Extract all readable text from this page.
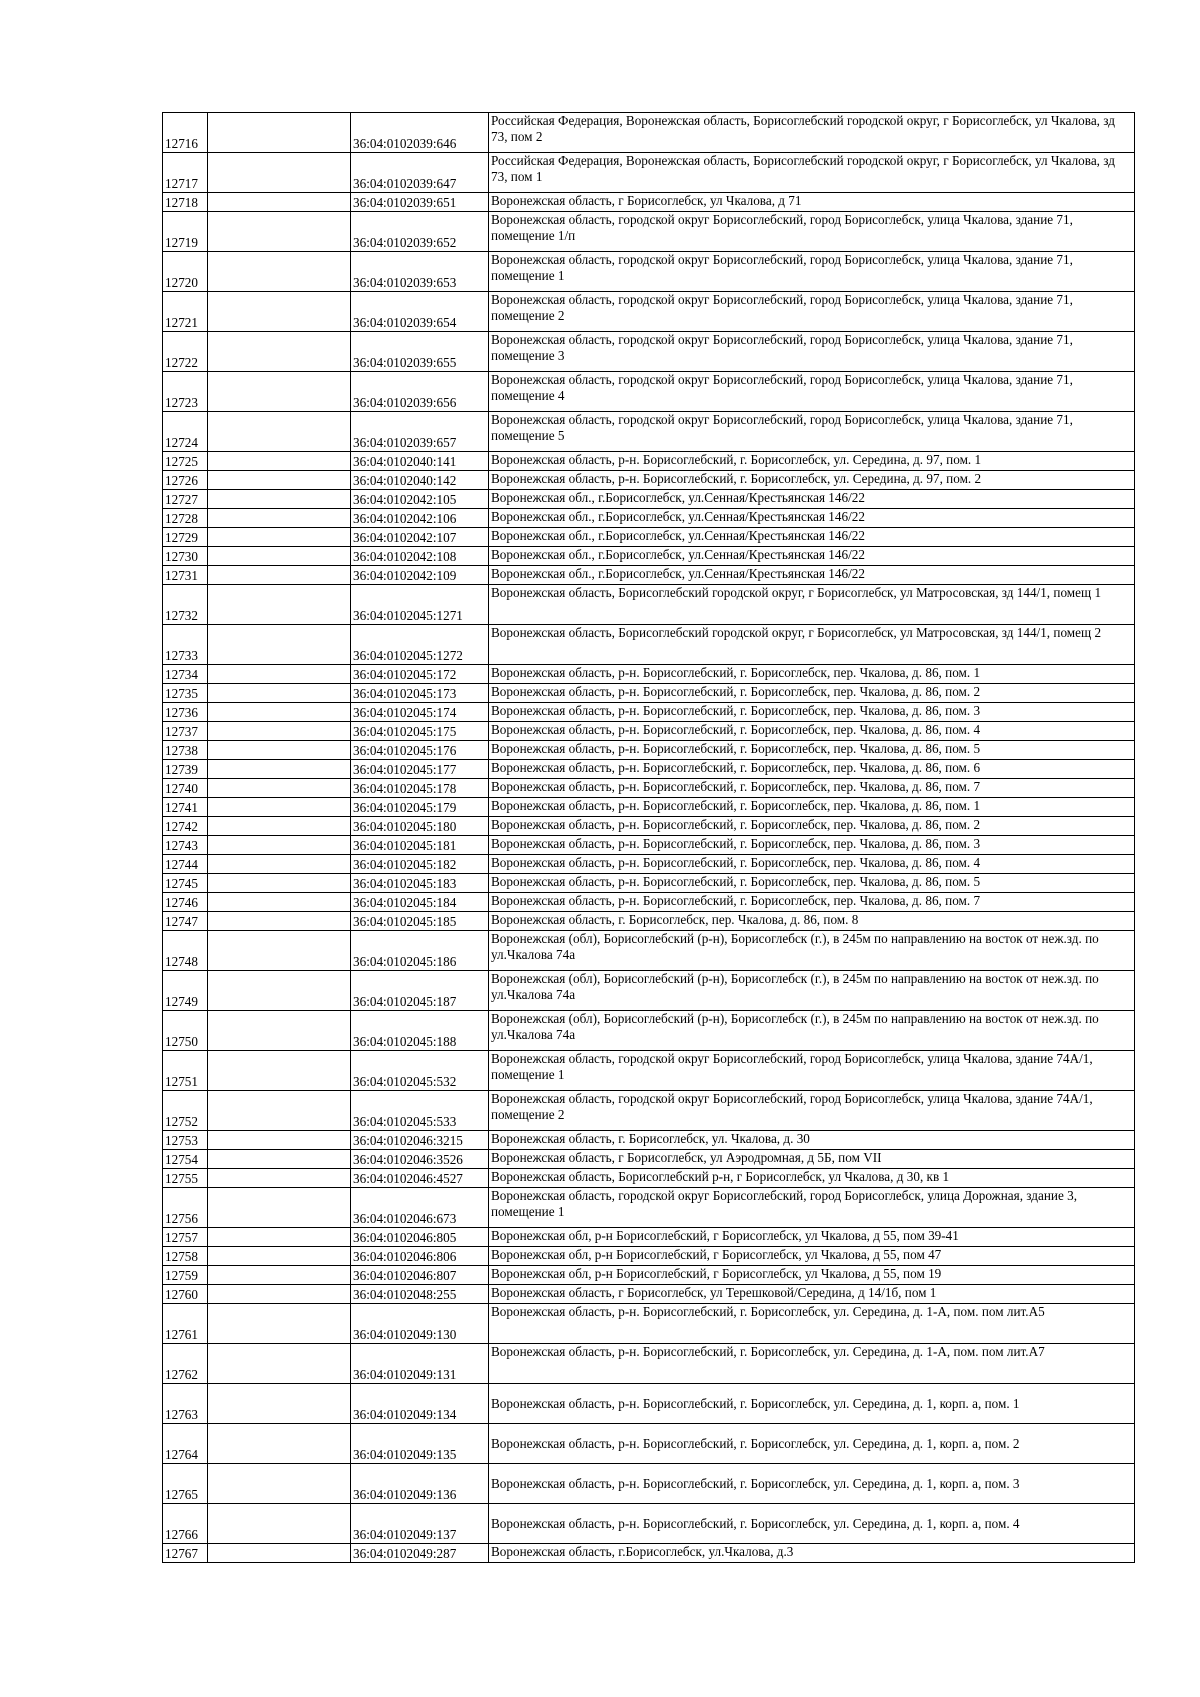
12716		36:04:0102039:646	Российская Федерация, Воронежская область, Борисоглебский городской округ, г Борисоглебск, ул Чкалова, зд 73, пом 2
12717		36:04:0102039:647	Российская Федерация, Воронежская область, Борисоглебский городской округ, г Борисоглебск, ул Чкалова, зд 73, пом 1
12718		36:04:0102039:651	Воронежская область, г Борисоглебск, ул Чкалова, д 71
12719		36:04:0102039:652	Воронежская область, городской округ Борисоглебский, город Борисоглебск, улица Чкалова, здание 71, помещение 1/п
12720		36:04:0102039:653	Воронежская область, городской округ Борисоглебский, город Борисоглебск, улица Чкалова, здание 71, помещение 1
12721		36:04:0102039:654	Воронежская область, городской округ Борисоглебский, город Борисоглебск, улица Чкалова, здание 71, помещение 2
12722		36:04:0102039:655	Воронежская область, городской округ Борисоглебский, город Борисоглебск, улица Чкалова, здание 71, помещение 3
12723		36:04:0102039:656	Воронежская область, городской округ Борисоглебский, город Борисоглебск, улица Чкалова, здание 71, помещение 4
12724		36:04:0102039:657	Воронежская область, городской округ Борисоглебский, город Борисоглебск, улица Чкалова, здание 71, помещение 5
12725		36:04:0102040:141	Воронежская область, р-н. Борисоглебский, г. Борисоглебск, ул. Середина, д. 97, пом. 1
12726		36:04:0102040:142	Воронежская область, р-н. Борисоглебский, г. Борисоглебск, ул. Середина, д. 97, пом. 2
12727		36:04:0102042:105	Воронежская обл., г.Борисоглебск, ул.Сенная/Крестьянская 146/22
12728		36:04:0102042:106	Воронежская обл., г.Борисоглебск, ул.Сенная/Крестьянская 146/22
12729		36:04:0102042:107	Воронежская обл., г.Борисоглебск, ул.Сенная/Крестьянская 146/22
12730		36:04:0102042:108	Воронежская обл., г.Борисоглебск, ул.Сенная/Крестьянская 146/22
12731		36:04:0102042:109	Воронежская обл., г.Борисоглебск, ул.Сенная/Крестьянская 146/22
12732		36:04:0102045:1271	Воронежская область, Борисоглебский городской округ, г Борисоглебск, ул Матросовская, зд 144/1, помещ 1
12733		36:04:0102045:1272	Воронежская область, Борисоглебский городской округ, г Борисоглебск, ул Матросовская, зд 144/1, помещ 2
12734		36:04:0102045:172	Воронежская область, р-н. Борисоглебский, г. Борисоглебск, пер. Чкалова, д. 86, пом. 1
12735		36:04:0102045:173	Воронежская область, р-н. Борисоглебский, г. Борисоглебск, пер. Чкалова, д. 86, пом. 2
12736		36:04:0102045:174	Воронежская область, р-н. Борисоглебский, г. Борисоглебск, пер. Чкалова, д. 86, пом. 3
12737		36:04:0102045:175	Воронежская область, р-н. Борисоглебский, г. Борисоглебск, пер. Чкалова, д. 86, пом. 4
12738		36:04:0102045:176	Воронежская область, р-н. Борисоглебский, г. Борисоглебск, пер. Чкалова, д. 86, пом. 5
12739		36:04:0102045:177	Воронежская область, р-н. Борисоглебский, г. Борисоглебск, пер. Чкалова, д. 86, пом. 6
12740		36:04:0102045:178	Воронежская область, р-н. Борисоглебский, г. Борисоглебск, пер. Чкалова, д. 86, пом. 7
12741		36:04:0102045:179	Воронежская область, р-н. Борисоглебский, г. Борисоглебск, пер. Чкалова, д. 86, пом. 1
12742		36:04:0102045:180	Воронежская область, р-н. Борисоглебский, г. Борисоглебск, пер. Чкалова, д. 86, пом. 2
12743		36:04:0102045:181	Воронежская область, р-н. Борисоглебский, г. Борисоглебск, пер. Чкалова, д. 86, пом. 3
12744		36:04:0102045:182	Воронежская область, р-н. Борисоглебский, г. Борисоглебск, пер. Чкалова, д. 86, пом. 4
12745		36:04:0102045:183	Воронежская область, р-н. Борисоглебский, г. Борисоглебск, пер. Чкалова, д. 86, пом. 5
12746		36:04:0102045:184	Воронежская область, р-н. Борисоглебский, г. Борисоглебск, пер. Чкалова, д. 86, пом. 7
12747		36:04:0102045:185	Воронежская область, г. Борисоглебск, пер. Чкалова, д. 86, пом. 8
12748		36:04:0102045:186	Воронежская (обл), Борисоглебский (р-н), Борисоглебск (г.), в 245м по направлению на восток от неж.зд. по ул.Чкалова 74а
12749		36:04:0102045:187	Воронежская (обл), Борисоглебский (р-н), Борисоглебск (г.), в 245м по направлению на восток от неж.зд. по ул.Чкалова 74а
12750		36:04:0102045:188	Воронежская (обл), Борисоглебский (р-н), Борисоглебск (г.), в 245м по направлению на восток от неж.зд. по ул.Чкалова 74а
12751		36:04:0102045:532	Воронежская область, городской округ Борисоглебский, город Борисоглебск, улица Чкалова, здание 74А/1, помещение 1
12752		36:04:0102045:533	Воронежская область, городской округ Борисоглебский, город Борисоглебск, улица Чкалова, здание 74А/1, помещение 2
12753		36:04:0102046:3215	Воронежская область, г. Борисоглебск, ул. Чкалова, д. 30
12754		36:04:0102046:3526	Воронежская область, г Борисоглебск, ул Аэродромная, д 5Б, пом VII
12755		36:04:0102046:4527	Воронежская область, Борисоглебский р-н, г Борисоглебск, ул Чкалова, д 30, кв 1
12756		36:04:0102046:673	Воронежская область, городской округ Борисоглебский, город Борисоглебск, улица Дорожная, здание 3, помещение 1
12757		36:04:0102046:805	Воронежская обл, р-н Борисоглебский, г Борисоглебск, ул Чкалова, д 55, пом 39-41
12758		36:04:0102046:806	Воронежская обл, р-н Борисоглебский, г Борисоглебск, ул Чкалова, д 55, пом 47
12759		36:04:0102046:807	Воронежская обл, р-н Борисоглебский, г Борисоглебск, ул Чкалова, д 55, пом 19
12760		36:04:0102048:255	Воронежская область, г Борисоглебск, ул Терешковой/Середина, д 14/1б, пом 1
12761		36:04:0102049:130	Воронежская область, р-н. Борисоглебский, г. Борисоглебск, ул. Середина, д. 1-А, пом. пом лит.А5
12762		36:04:0102049:131	Воронежская область, р-н. Борисоглебский, г. Борисоглебск, ул. Середина, д. 1-А, пом. пом лит.А7
12763		36:04:0102049:134	Воронежская область, р-н. Борисоглебский, г. Борисоглебск, ул. Середина, д. 1, корп. а, пом. 1
12764		36:04:0102049:135	Воронежская область, р-н. Борисоглебский, г. Борисоглебск, ул. Середина, д. 1, корп. а, пом. 2
12765		36:04:0102049:136	Воронежская область, р-н. Борисоглебский, г. Борисоглебск, ул. Середина, д. 1, корп. а, пом. 3
12766		36:04:0102049:137	Воронежская область, р-н. Борисоглебский, г. Борисоглебск, ул. Середина, д. 1, корп. а, пом. 4
12767		36:04:0102049:287	Воронежская область, г.Борисоглебск, ул.Чкалова, д.3
